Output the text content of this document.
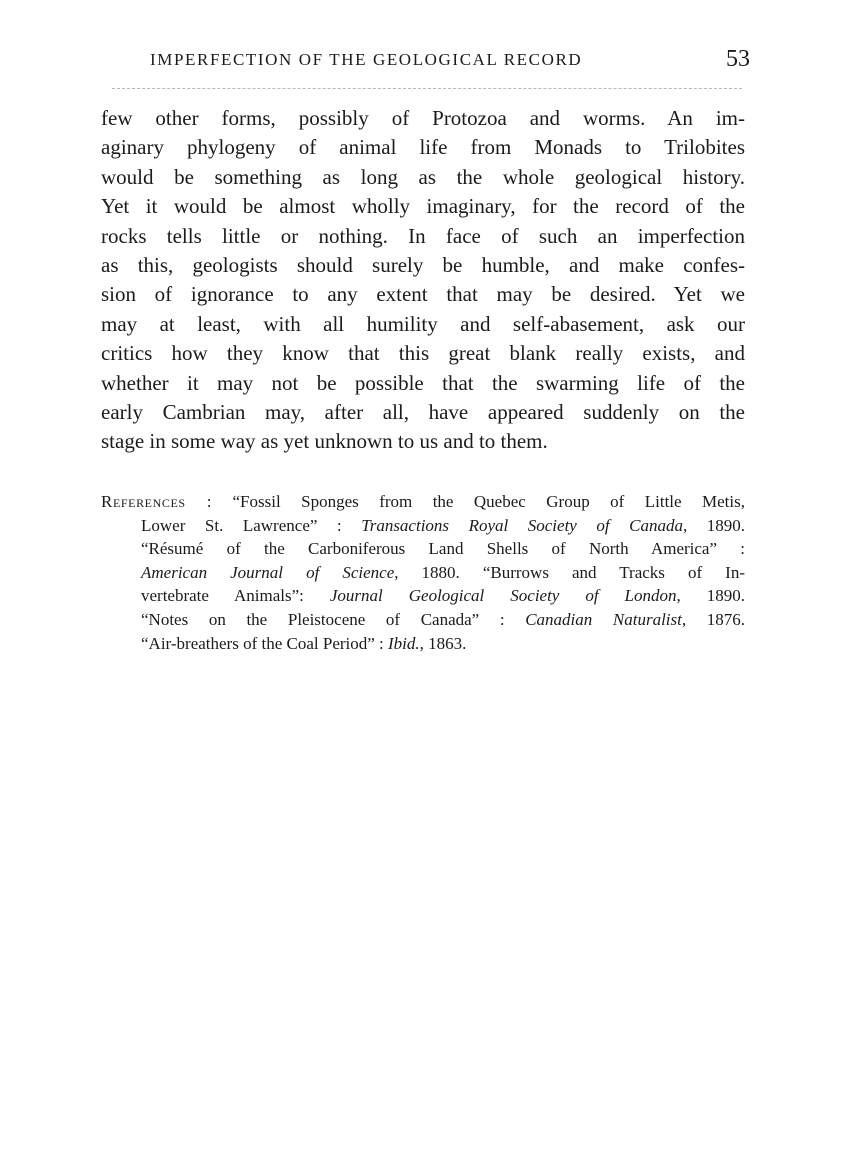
IMPERFECTION OF THE GEOLOGICAL RECORD	53
few other forms, possibly of Protozoa and worms. An im-
aginary phylogeny of animal life from Monads to Trilobites
would be something as long as the whole geological history.
Yet it would be almost wholly imaginary, for the record of the
rocks tells little or nothing. In face of such an imperfection
as this, geologists should surely be humble, and make confes-
sion of ignorance to any extent that may be desired. Yet we
may at least, with all humility and self-abasement, ask our
critics how they know that this great blank really exists, and
whether it may not be possible that the swarming life of the
early Cambrian may, after all, have appeared suddenly on the
stage in some way as yet unknown to us and to them.
References : “Fossil Sponges from the Quebec Group of Little Metis,
Lower St. Lawrence” : Transactions Royal Society of Canada, 1890.
“Résumé of the Carboniferous Land Shells of North America” :
American Journal of Science, 1880. “Burrows and Tracks of In-
vertebrate Animals”: Journal Geological Society of London, 1890.
“Notes on the Pleistocene of Canada” : Canadian Naturalist, 1876.
“Air-breathers of the Coal Period” : Ibid., 1863.
